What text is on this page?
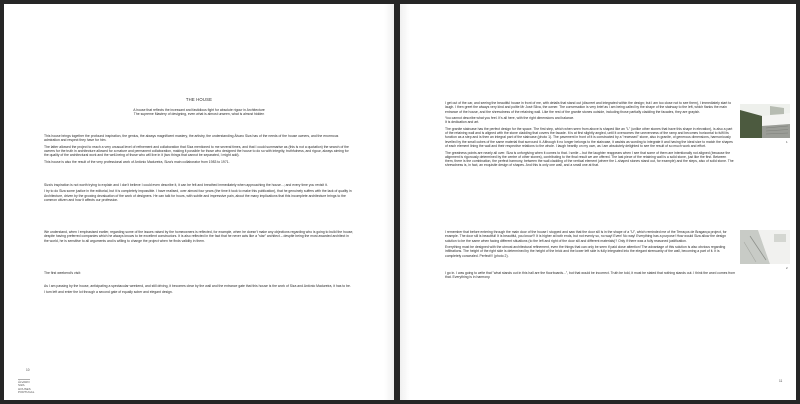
THE HOUSE

A house that reflects the incessant and fastidious fight for absolute rigour in Architecture

The supreme Mastery of designing, even what is almost unseen, what is almost hidden

This house brings together the profound inspiration, the genius, the always magnificent mastery, the artistry, the understanding Álvaro Siza has of the needs of the house owners, and the enormous admiration and respect they have for him.

The latter allowed the project to reach a very unusual level of refinement and collaboration that Siza mentioned to me several times, and that I could summarise as (this is not a quotation) the search of the owners for the truth in architecture allowed for a mature and permanent collaboration, making it possible for those who designed the house to do so with integrity, truthfulness, and rigour, always aiming for the quality of the architectural work and the well-being of those who will live in it (two things that cannot be separated, I might add).

This house is also the result of the very professional work of António Madureira, Siza's main collaborator from 1983 to 1971.

Siza's inspiration is not worth trying to explain and I don't believe I could even describe it, it can be felt and breathed immediately when approaching the house...; and every time you revisit it.

I try to do Siza some justice in the editorial, but it is completely impossible. I have realised, over almost four years (the time it took to make this publication), that he genuinely suffers with the lack of quality in Architecture, driven by the growing devaluation of the work of designers. He can talk for hours, with subtle and impressive pain, about the many implications that this incomplete architecture brings to the common citizen and how it affects our profession.

We understand, when I emphasised earlier, regarding some of the issues raised by the homeowners is reflected, for example, when he doesn't make any objections regarding who is going to build the house, despite having preferred companies which he always knows to be excellent constructors. It is also reflected in the fact that he never acts like a "star" architect – despite being the most awarded architect in the world, he is sensitive to all arguments and is willing to change the project when he finds validity in them.

The first weekend's visit:

As I am passing by the house, anticipating a spectacular weekend, and still driving, it becomes clear by the wall and the entrance gate that this house is the work of Siza and António Madureira, it has to be.

I turn left and enter the lot through a second gate of equally sober and elegant design.

ÁLVARO
SIZA
HOUSES
PORTUGAL
10

I get out of the car, and seeing the beautiful house in front of me, with details that stand out (discreet and integrated within the design; but I am too close not to see them), I immediately start to laugh. I then greet the always very kind and polite Mr José Silva, the owner. The conversation is very brief as I am being called by the shape of the stairway to the left, which flanks the main entrance of the house, and the shrewdness of the retaining wall. Like the rest of the granite stones outside, including those partially cladding the facades, they are grayish.

You cannot describe what you feel. It's all here, with the right dimensions and balance.

It is dedication and art.

The granite staircase has the perfect design for the space. The first step, which when seen from above is shaped like an "L" (unlike other stones that have this shape in elevation), is also a part of the retaining wall and is aligned with the stone cladding that covers the facade. It is at first slightly angled, until it overcomes the unevenness of the ramp and becomes horizontal to fulfil its function as a step and is then an integral part of the staircase (photo 1). The pavement in front of it is constructed by a "recessed" stone, also in granite, of generous dimensions, harmoniously levelled by the small cubes of the same material that surround it. Although it no longer belongs to the staircase, it assists as wording to integrate it and having the ideal size to match the shapes of each element lining the wall and their respective relations to the whole. I laugh heartily on my own, as I am absolutely delighted to see the result of so much work and effort.

The greatness points are nearly all over. Siza is unforgiving when it comes to that. I smile – but the laughter reappears when I see that some of them are intentionally not aligned (because the alignment is rigorously determined by the centre of other stones), contributing to the final result we are offered. The last piece of the retaining wall is a solid stone, just like the first. Between them, there is the combination, the perfect harmony, between the wall cladding of the vertical element (where the L-shaped stones stand out, for example) and the steps, also of solid stone. The shrewdness is, in fact, an exquisite design of shapes. And this is only one wall, and a small one at that.

I remember that before entering through the main door of the house I stopped and saw that the door sill is in the shape of a "U", which reminded me of the Terraços de Bragança project, for example. The door sill is beautiful! It is beautiful, you know?! It is higher at both ends, but not evenly so, no way! Even! No way! Everything has a purpose! How would Siza allow the design solution to be the same when facing different situations (to the left and right of the door sill and different materials)? Only if there was a fully reasoned justification.

Everything must be designed with the utmost architectural refinement, even the things that can only be seen if paid close attention! The advantage of this solution is also obvious regarding infiltrations. The height of the right side is determined by the height of the brick and the lower left side is fully integrated into the elegant strenuarity of the wall, becoming a part of it. It is completely concealed. Perfect!!! (photo 2).

I go in. I was going to write that "what stands out in this hall are the floorboards...", but that would be incorrect. Truth be told, it must be stated that nothing stands out. I think the word comes from that. Everything is in harmony.

1
2
11
